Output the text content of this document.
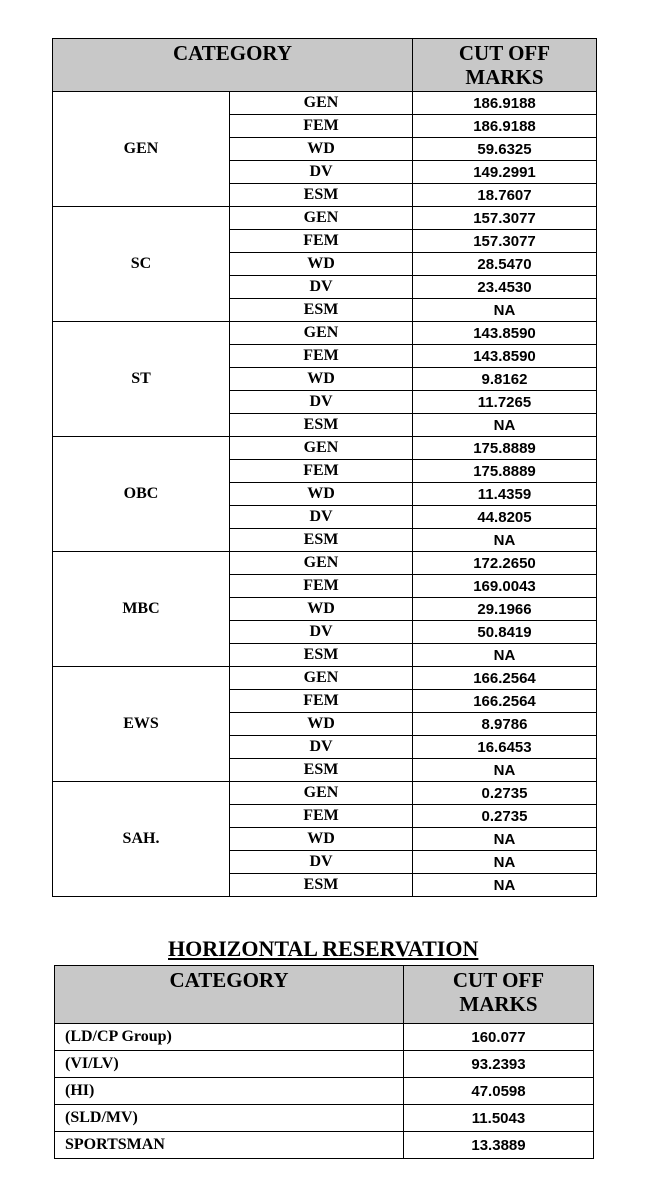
CATEGORY		CUT OFF
MARKS

GEN	GEN	186.9188
	FEM	186.9188
	WD	59.6325
	DV	149.2991
	ESM	18.7607
SC	GEN	157.3077
	FEM	157.3077
	WD	28.5470
	DV	23.4530
	ESM	NA
ST	GEN	143.8590
	FEM	143.8590
	WD	9.8162
	DV	11.7265
	ESM	NA
OBC	GEN	175.8889
	FEM	175.8889
	WD	11.4359
	DV	44.8205
	ESM	NA
MBC	GEN	172.2650
	FEM	169.0043
	WD	29.1966
	DV	50.8419
	ESM	NA
EWS	GEN	166.2564
	FEM	166.2564
	WD	8.9786
	DV	16.6453
	ESM	NA
SAH.	GEN	0.2735
	FEM	0.2735
	WD	NA
	DV	NA
	ESM	NA
HORIZONTAL RESERVATION
CATEGORY	CUT OFF
MARKS

(LD/CP Group)	160.077
(VI/LV)	93.2393
(HI)	47.0598
(SLD/MV)	11.5043
SPORTSMAN	13.3889
